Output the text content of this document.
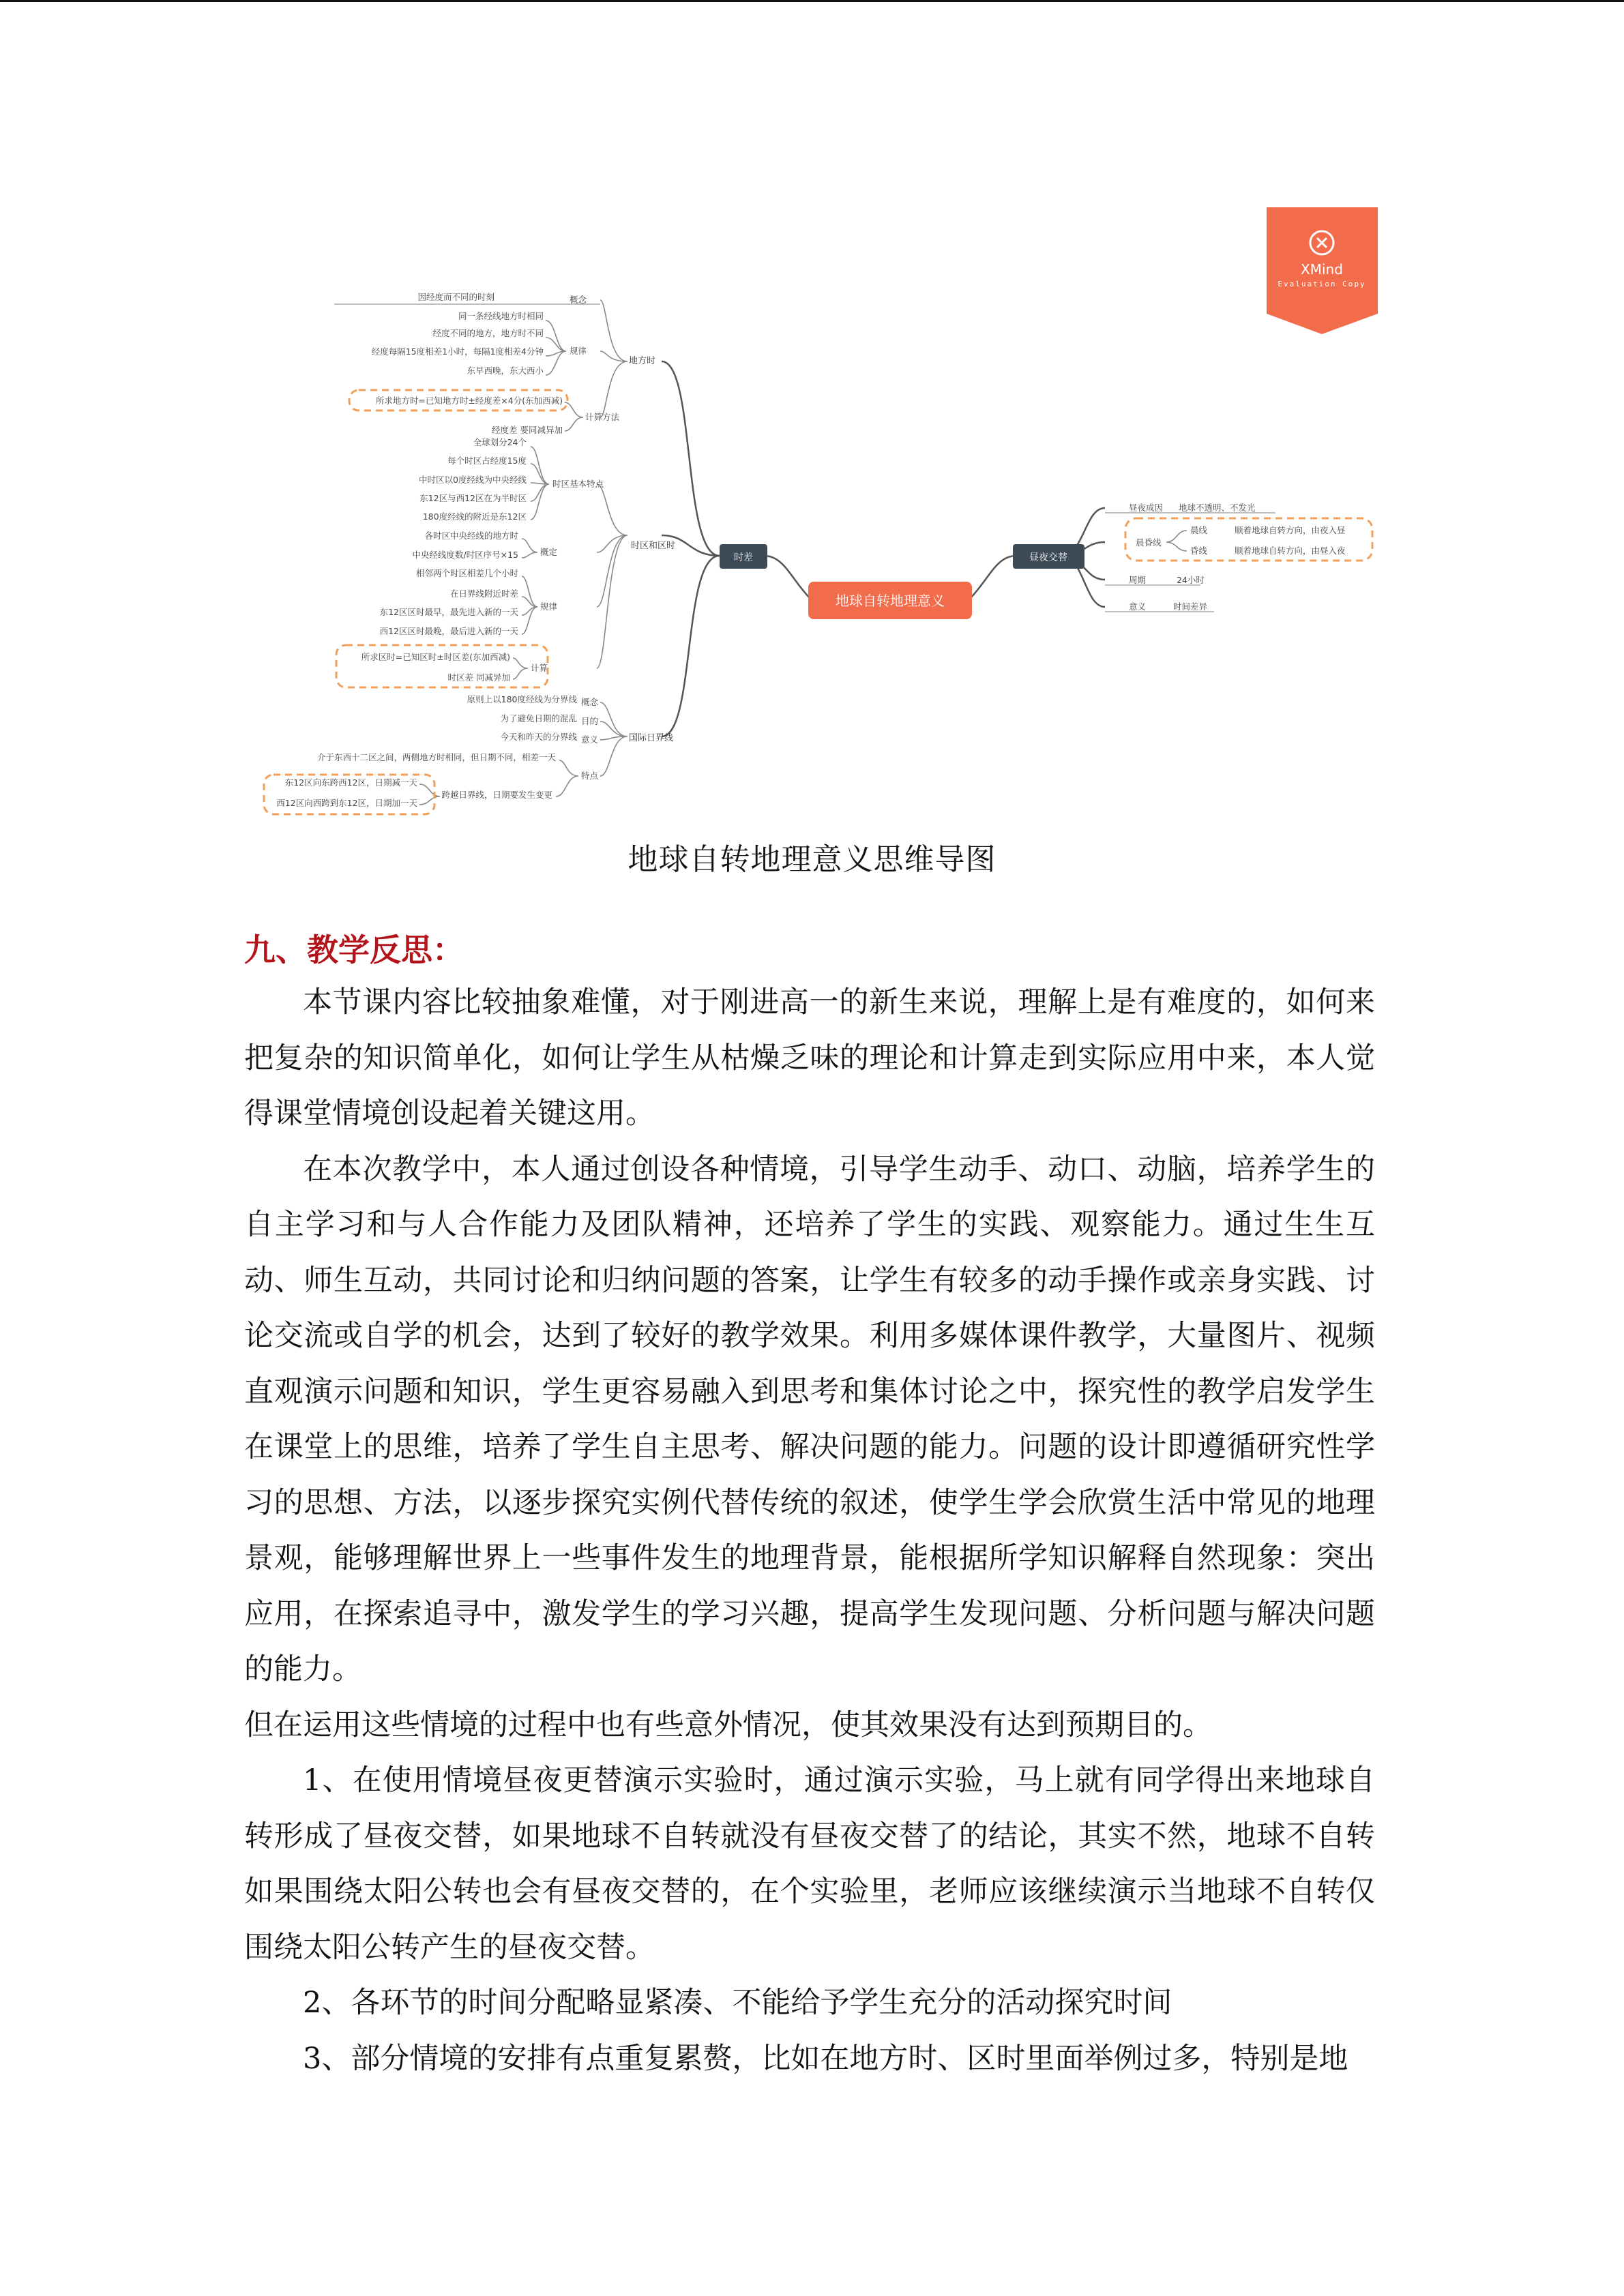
XMind
Evaluation Copy
地球自转地理意义
时差	昼夜交替
地方时
时区和区时
国际日界线
概念
因经度而不同的时刻
规律
同一条经线地方时相同
经度不同的地方，地方时不同
经度每隔15度相差1小时，每隔1度相差4分钟
东早西晚，东大西小
计算方法
所求地方时=已知地方时±经度差×4分(东加西减)
经度差 要同减异加
时区基本特点
全球划分24个
每个时区占经度15度
中时区以0度经线为中央经线
东12区与西12区在为半时区
180度经线的附近是东12区
概定
各时区中央经线的地方时
中央经线度数/时区序号×15
规律
相邻两个时区相差几个小时
在日界线附近时差
东12区区时最早，最先进入新的一天
西12区区时最晚，最后进入新的一天
计算
所求区时=已知区时±时区差(东加西减)
时区差 同减异加
概念
原则上以180度经线为分界线
目的
为了避免日期的混乱
意义
今天和昨天的分界线
特点
介于东西十二区之间，两侧地方时相同，但日期不同，相差一天
跨越日界线，日期要发生变更
东12区向东跨西12区，日期减一天
西12区向西跨到东12区，日期加一天
昼夜成因 地球不透明、不发光
晨昏线
晨线	顺着地球自转方向，由夜入昼
昏线	顺着地球自转方向，由昼入夜
周期	24小时
意义	时间差异
地球自转地理意义思维导图
九、教学反思：

本节课内容比较抽象难懂，对于刚进高一的新生来说，理解上是有难度的，如何来把复杂的知识简单化，如何让学生从枯燥乏味的理论和计算走到实际应用中来，本人觉得课堂情境创设起着关键这用。

在本次教学中，本人通过创设各种情境，引导学生动手、动口、动脑，培养学生的自主学习和与人合作能力及团队精神，还培养了学生的实践、观察能力。通过生生互动、师生互动，共同讨论和归纳问题的答案，让学生有较多的动手操作或亲身实践、讨论交流或自学的机会，达到了较好的教学效果。利用多媒体课件教学，大量图片、视频直观演示问题和知识，学生更容易融入到思考和集体讨论之中，探究性的教学启发学生在课堂上的思维，培养了学生自主思考、解决问题的能力。问题的设计即遵循研究性学习的思想、方法，以逐步探究实例代替传统的叙述，使学生学会欣赏生活中常见的地理景观，能够理解世界上一些事件发生的地理背景，能根据所学知识解释自然现象：突出应用，在探索追寻中，激发学生的学习兴趣，提高学生发现问题、分析问题与解决问题的能力。

但在运用这些情境的过程中也有些意外情况，使其效果没有达到预期目的。

1、在使用情境昼夜更替演示实验时，通过演示实验，马上就有同学得出来地球自转形成了昼夜交替，如果地球不自转就没有昼夜交替了的结论，其实不然，地球不自转如果围绕太阳公转也会有昼夜交替的，在个实验里，老师应该继续演示当地球不自转仅围绕太阳公转产生的昼夜交替。

2、各环节的时间分配略显紧凑、不能给予学生充分的活动探究时间

3、部分情境的安排有点重复累赘，比如在地方时、区时里面举例过多，特别是地
